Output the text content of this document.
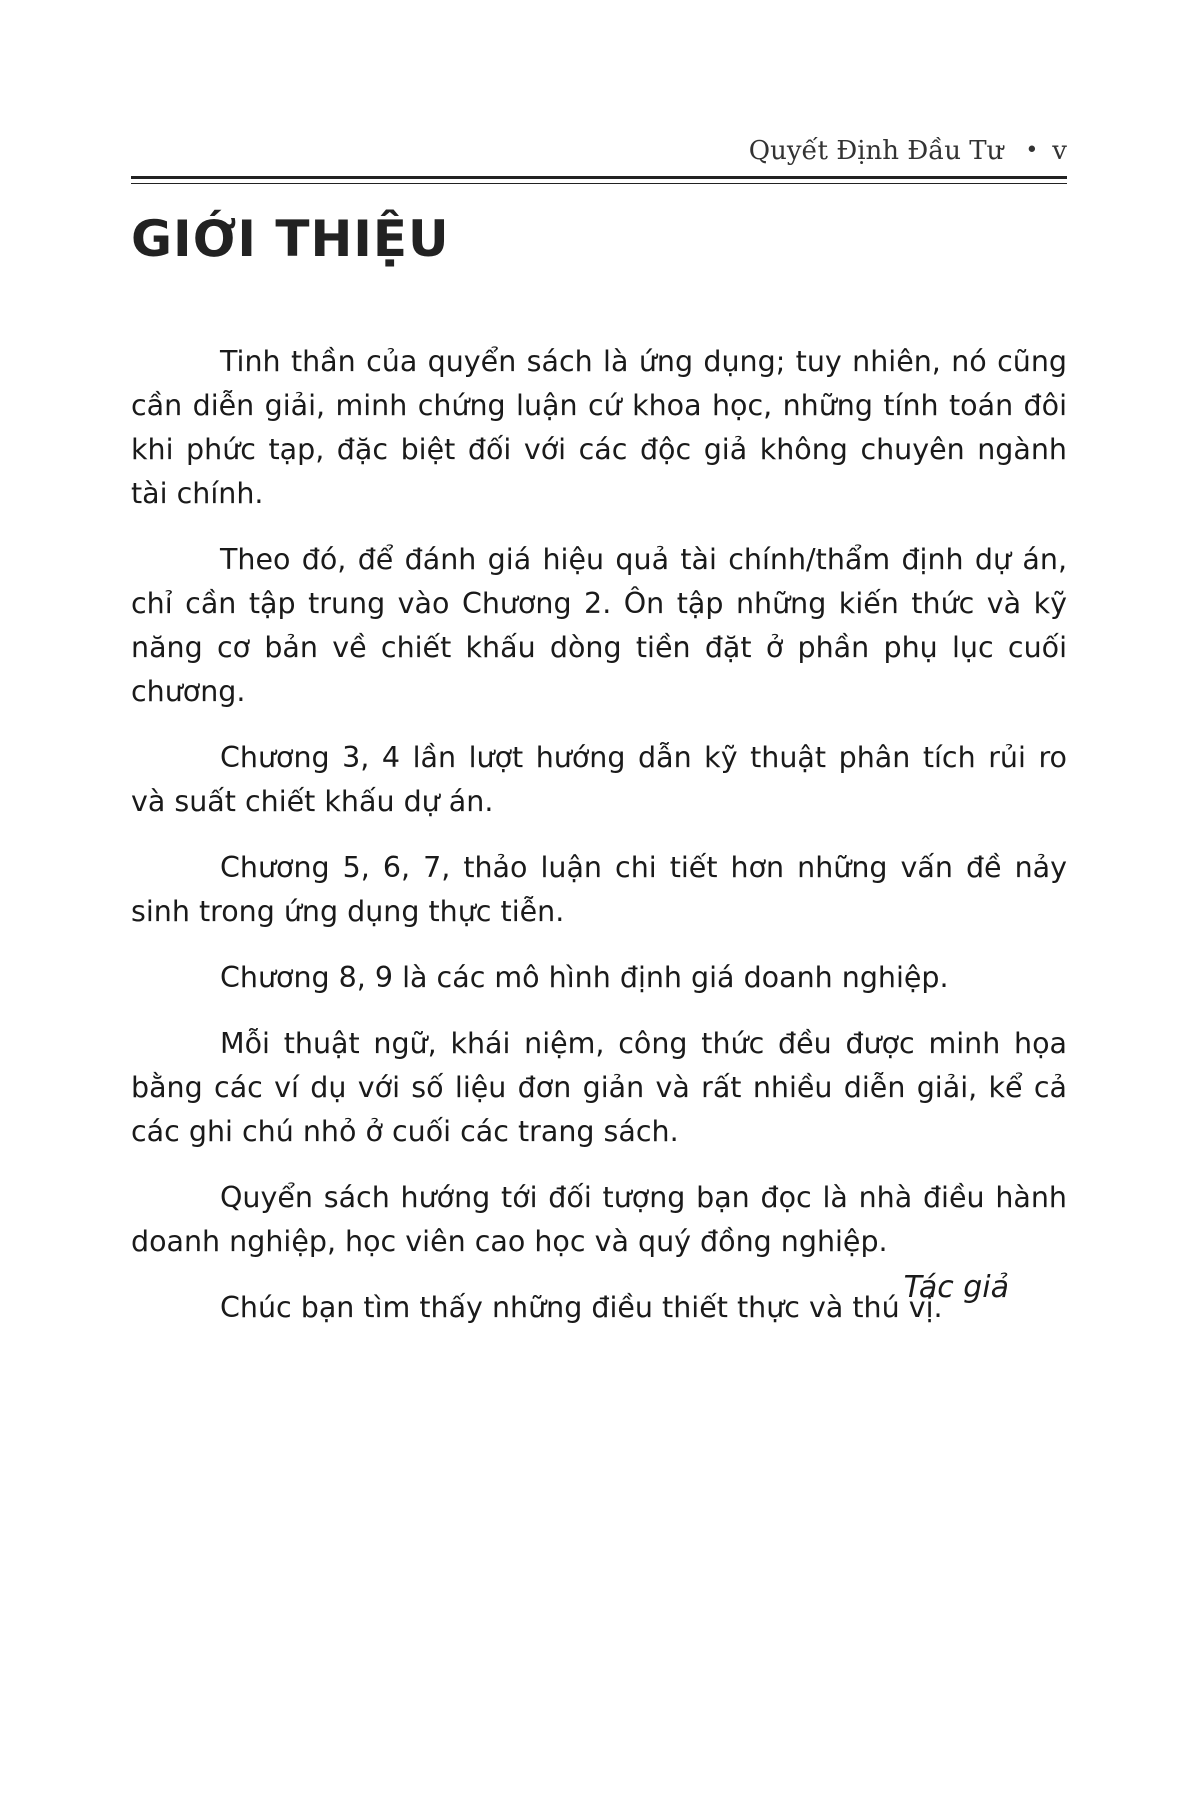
Quyết Định Đầu Tư • v
GIỚI THIỆU

Tinh thần của quyển sách là ứng dụng; tuy nhiên, nó cũng cần diễn giải, minh chứng luận cứ khoa học, những tính toán đôi khi phức tạp, đặc biệt đối với các độc giả không chuyên ngành tài chính.

Theo đó, để đánh giá hiệu quả tài chính/thẩm định dự án, chỉ cần tập trung vào Chương 2. Ôn tập những kiến thức và kỹ năng cơ bản về chiết khấu dòng tiền đặt ở phần phụ lục cuối chương.

Chương 3, 4 lần lượt hướng dẫn kỹ thuật phân tích rủi ro và suất chiết khấu dự án.

Chương 5, 6, 7, thảo luận chi tiết hơn những vấn đề nảy sinh trong ứng dụng thực tiễn.

Chương 8, 9 là các mô hình định giá doanh nghiệp.

Mỗi thuật ngữ, khái niệm, công thức đều được minh họa bằng các ví dụ với số liệu đơn giản và rất nhiều diễn giải, kể cả các ghi chú nhỏ ở cuối các trang sách.

Quyển sách hướng tới đối tượng bạn đọc là nhà điều hành doanh nghiệp, học viên cao học và quý đồng nghiệp.

Chúc bạn tìm thấy những điều thiết thực và thú vị.

Tác giả
